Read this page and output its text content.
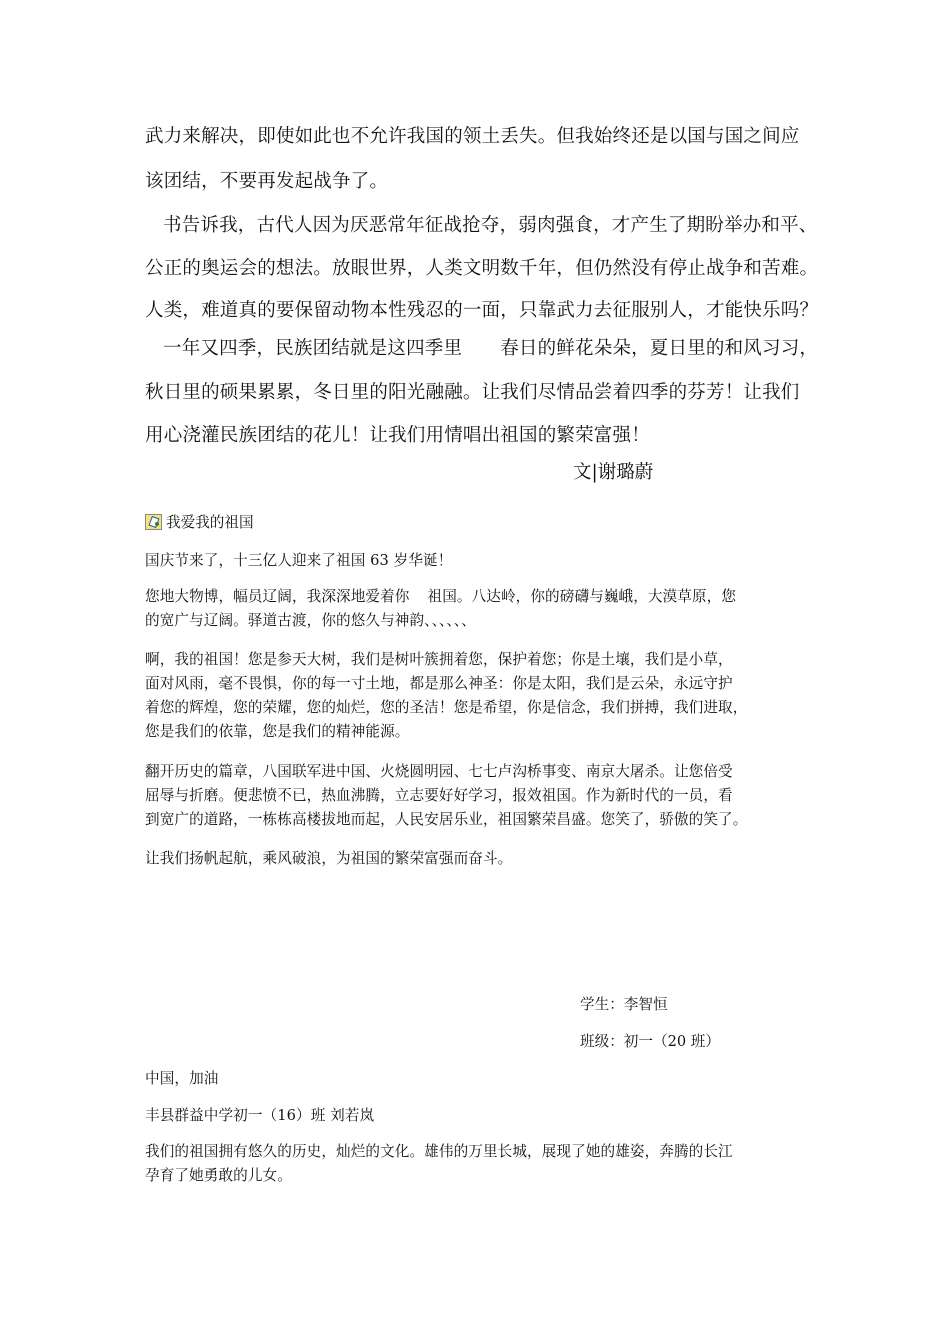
武力来解决，即使如此也不允许我国的领土丢失。但我始终还是以国与国之间应
该团结，不要再发起战争了。
书告诉我，古代人因为厌恶常年征战抢夺，弱肉强食，才产生了期盼举办和平、
公正的奥运会的想法。放眼世界，人类文明数千年，但仍然没有停止战争和苦难。
人类，难道真的要保留动物本性残忍的一面，只靠武力去征服别人，才能快乐吗？
一年又四季，民族团结就是这四季里 春日的鲜花朵朵，夏日里的和风习习，
秋日里的硕果累累，冬日里的阳光融融。让我们尽情品尝着四季的芬芳！让我们
用心浇灌民族团结的花儿！让我们用情唱出祖国的繁荣富强！
文|谢璐蔚
我爱我的祖国
国庆节来了，十三亿人迎来了祖国 63 岁华诞！
您地大物博，幅员辽阔，我深深地爱着你 祖国。八达岭，你的磅礴与巍峨，大漠草原，您
的宽广与辽阔。驿道古渡，你的悠久与神韵、、、、、、
啊，我的祖国！您是参天大树，我们是树叶簇拥着您，保护着您；你是土壤，我们是小草，
面对风雨，毫不畏惧，你的每一寸土地，都是那么神圣：你是太阳，我们是云朵，永远守护
着您的辉煌，您的荣耀，您的灿烂，您的圣洁！您是希望，你是信念，我们拼搏，我们进取，
您是我们的依靠，您是我们的精神能源。
翻开历史的篇章，八国联军进中国、火烧圆明园、七七卢沟桥事变、南京大屠杀。让您倍受
屈辱与折磨。便悲愤不已，热血沸腾，立志要好好学习，报效祖国。作为新时代的一员，看
到宽广的道路，一栋栋高楼拔地而起，人民安居乐业，祖国繁荣昌盛。您笑了，骄傲的笑了。
让我们扬帆起航，乘风破浪，为祖国的繁荣富强而奋斗。
学生：李智恒
班级：初一（20 班）
中国，加油
丰县群益中学初一（16）班 刘若岚
我们的祖国拥有悠久的历史，灿烂的文化。雄伟的万里长城，展现了她的雄姿，奔腾的长江
孕育了她勇敢的儿女。
